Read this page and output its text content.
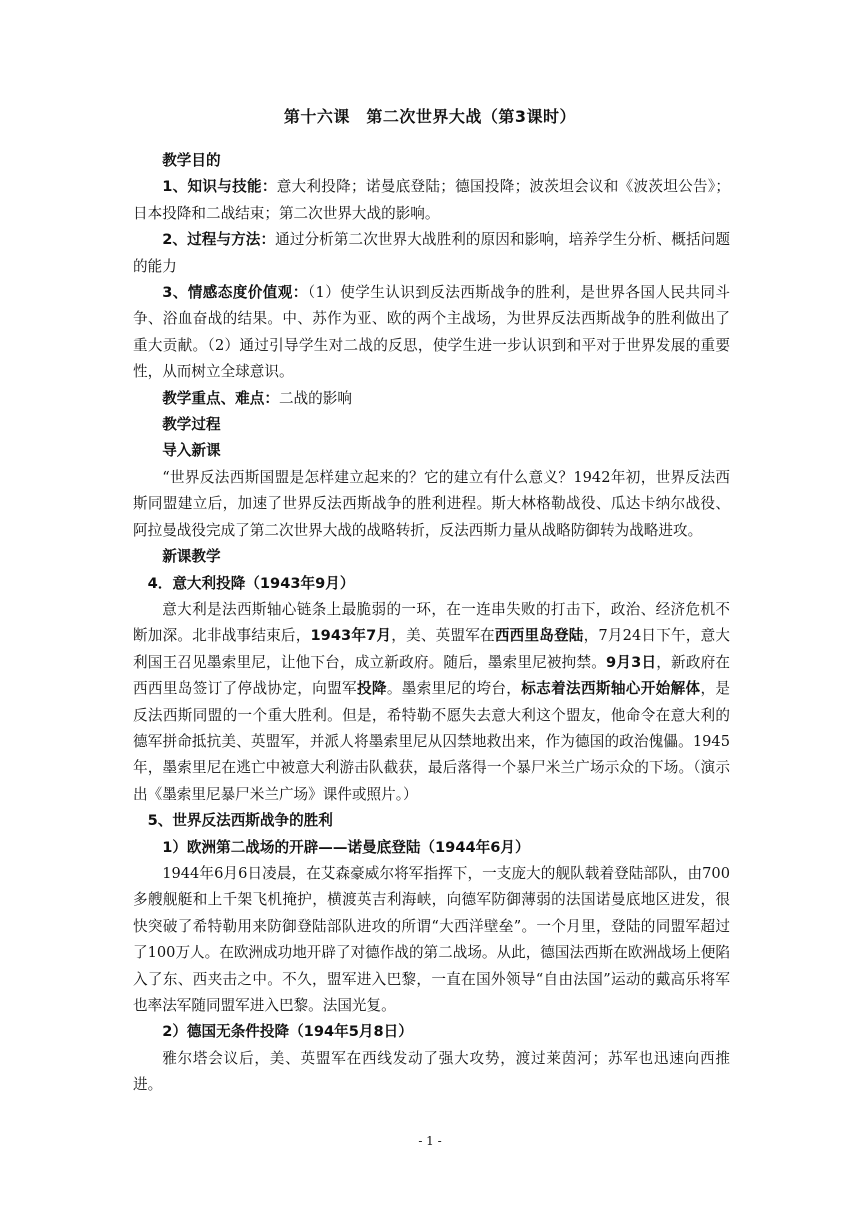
第十六课　第二次世界大战（第3课时）

教学目的

1、知识与技能：意大利投降；诺曼底登陆；德国投降；波茨坦会议和《波茨坦公告》；日本投降和二战结束；第二次世界大战的影响。

2、过程与方法：通过分析第二次世界大战胜利的原因和影响，培养学生分析、概括问题的能力

3、情感态度价值观：（1）使学生认识到反法西斯战争的胜利，是世界各国人民共同斗争、浴血奋战的结果。中、苏作为亚、欧的两个主战场，为世界反法西斯战争的胜利做出了重大贡献。（2）通过引导学生对二战的反思，使学生进一步认识到和平对于世界发展的重要性，从而树立全球意识。

教学重点、难点：二战的影响

教学过程

导入新课

“世界反法西斯国盟是怎样建立起来的？它的建立有什么意义？1942年初，世界反法西斯同盟建立后，加速了世界反法西斯战争的胜利进程。斯大林格勒战役、瓜达卡纳尔战役、阿拉曼战役完成了第二次世界大战的战略转折，反法西斯力量从战略防御转为战略进攻。

新课教学

4．意大利投降（1943年9月）

意大利是法西斯轴心链条上最脆弱的一环，在一连串失败的打击下，政治、经济危机不断加深。北非战事结束后，1943年7月，美、英盟军在西西里岛登陆，7月24日下午，意大利国王召见墨索里尼，让他下台，成立新政府。随后，墨索里尼被拘禁。9月3日，新政府在西西里岛签订了停战协定，向盟军投降。墨索里尼的垮台，标志着法西斯轴心开始解体，是反法西斯同盟的一个重大胜利。但是，希特勒不愿失去意大利这个盟友，他命令在意大利的德军拼命抵抗美、英盟军，并派人将墨索里尼从囚禁地救出来，作为德国的政治傀儡。1945年，墨索里尼在逃亡中被意大利游击队截获，最后落得一个暴尸米兰广场示众的下场。（演示出《墨索里尼暴尸米兰广场》课件或照片。）

5、世界反法西斯战争的胜利

1）欧洲第二战场的开辟——诺曼底登陆（1944年6月）

1944年6月6日凌晨，在艾森豪威尔将军指挥下，一支庞大的舰队载着登陆部队，由700多艘舰艇和上千架飞机掩护，横渡英吉利海峡，向德军防御薄弱的法国诺曼底地区进发，很快突破了希特勒用来防御登陆部队进攻的所谓“大西洋壁垒”。一个月里，登陆的同盟军超过了100万人。在欧洲成功地开辟了对德作战的第二战场。从此，德国法西斯在欧洲战场上便陷入了东、西夹击之中。不久，盟军进入巴黎，一直在国外领导“自由法国”运动的戴高乐将军也率法军随同盟军进入巴黎。法国光复。

2）德国无条件投降（194年5月8日）

雅尔塔会议后，美、英盟军在西线发动了强大攻势，渡过莱茵河；苏军也迅速向西推进。

- 1 -
